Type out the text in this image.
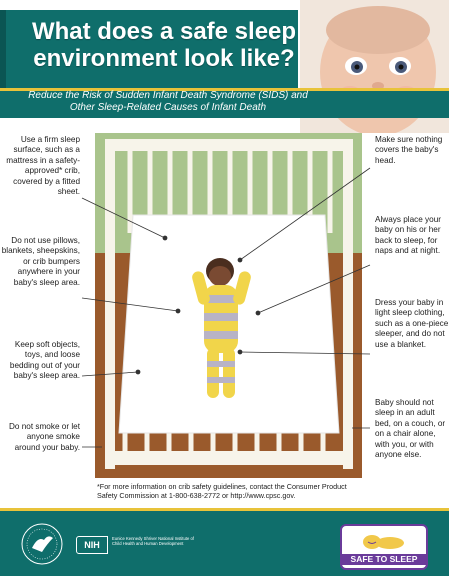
What does a safe sleep environment look like?
Reduce the Risk of Sudden Infant Death Syndrome (SIDS) and Other Sleep-Related Causes of Infant Death
Use a firm sleep surface, such as a mattress in a safety-approved* crib, covered by a fitted sheet.
Do not use pillows, blankets, sheepskins, or crib bumpers anywhere in your baby's sleep area.
Keep soft objects, toys, and loose bedding out of your baby's sleep area.
Do not smoke or let anyone smoke around your baby.
Make sure nothing covers the baby's head.
Always place your baby on his or her back to sleep, for naps and at night.
Dress your baby in light sleep clothing, such as a one-piece sleeper, and do not use a blanket.
Baby should not sleep in an adult bed, on a couch, or on a chair alone, with you, or with anyone else.
*For more information on crib safety guidelines, contact the Consumer Product Safety Commission at 1-800-638-2772 or http://www.cpsc.gov.
NIH
Eunice Kennedy Shriver National Institute of Child Health and Human Development
SAFE TO SLEEP
